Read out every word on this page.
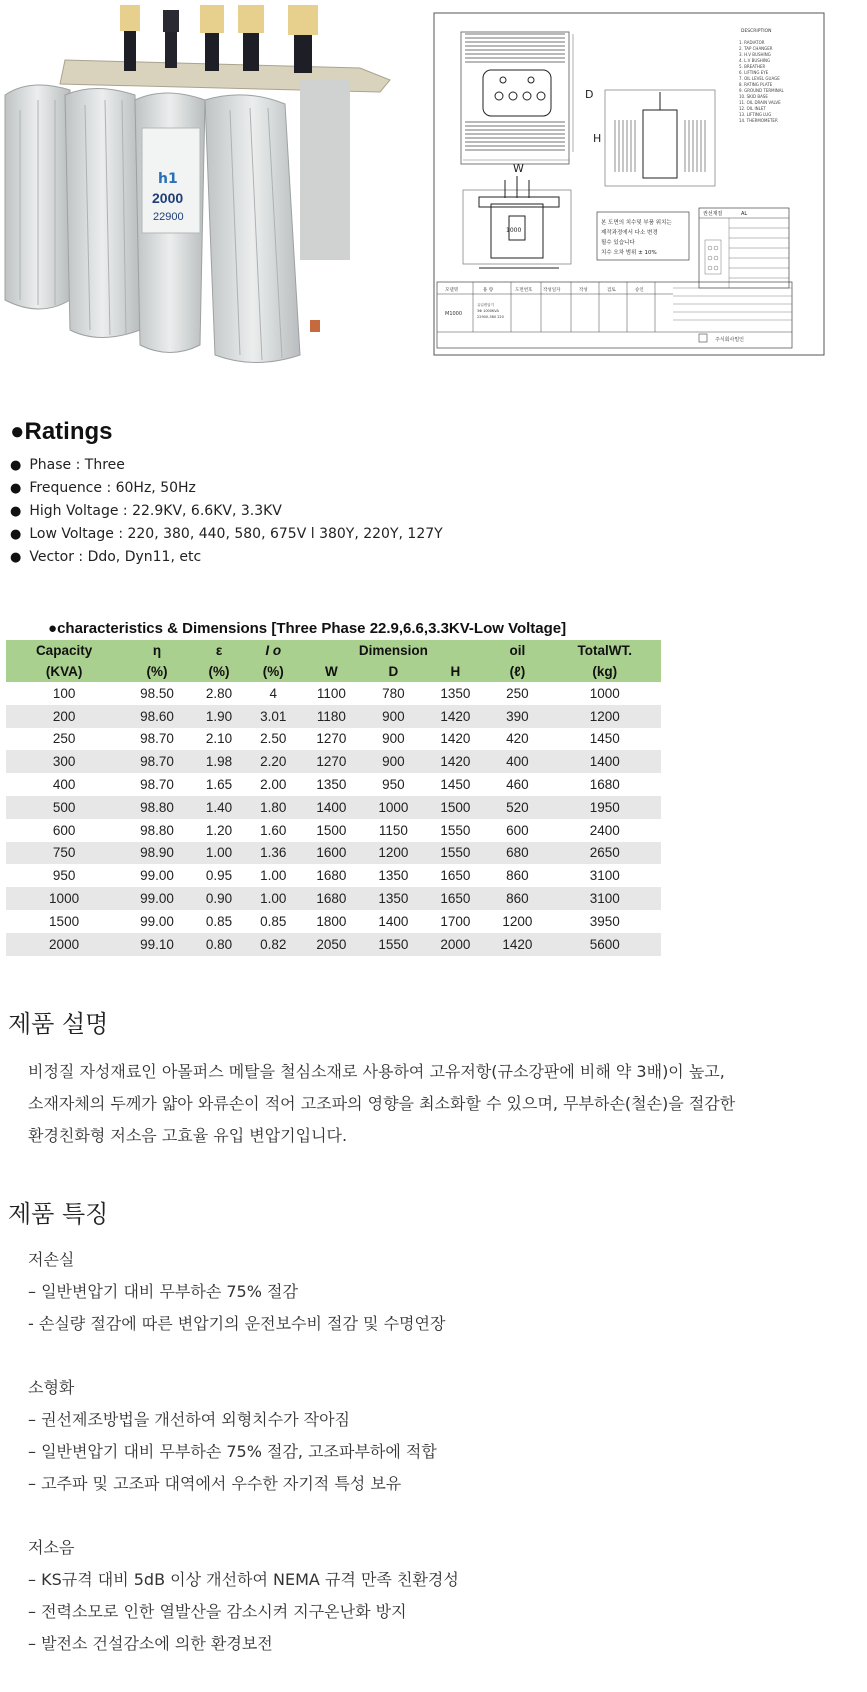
h1
2000
22900
W
D
1000
H
DESCRIPTION
1. RADIATOR
2. TAP CHANGER
3. H.V BUSHING
4. L.V BUSHING
5. BREATHER
6. LIFTING EYE
7. OIL LEVEL GUAGE
8. RATING PLATE
9. GROUND TERMINAL
10. SKID BASE
11. OIL DRAIN VALVE
12. OIL INLET
13. LIFTING LUG
14. THERMOMETER
본 도면의 치수및 부품 위치는
제작과정에서 다소 변경
될수 있습니다
치수 오차 범위 ± 10%
권선재질	AL
모델명	용 량	도면번호 작성일자	작성	검토	승인
M1000
유입변압기
3Φ 1000KVA
22900-380 220
주식회사밀인
●Ratings
● Phase : Three
● Frequence : 60Hz, 50Hz
● High Voltage : 22.9KV, 6.6KV, 3.3KV
● Low Voltage : 220, 380, 440, 580, 675V l 380Y, 220Y, 127Y
● Vector : Ddo, Dyn11, etc
● characteristics & Dimensions [Three Phase 22.9,6.6,3.3KV-Low Voltage]
Capacity	η	ε	I o	Dimension			oil	TotalWT.
(KVA)	(%)	(%)	(%)	W	D	H	(ℓ)	(kg)
100	98.50	2.80	4	1100	780	1350	250	1000
200	98.60	1.90	3.01	1180	900	1420	390	1200
250	98.70	2.10	2.50	1270	900	1420	420	1450
300	98.70	1.98	2.20	1270	900	1420	400	1400
400	98.70	1.65	2.00	1350	950	1450	460	1680
500	98.80	1.40	1.80	1400	1000	1500	520	1950
600	98.80	1.20	1.60	1500	1150	1550	600	2400
750	98.90	1.00	1.36	1600	1200	1550	680	2650
950	99.00	0.95	1.00	1680	1350	1650	860	3100
1000	99.00	0.90	1.00	1680	1350	1650	860	3100
1500	99.00	0.85	0.85	1800	1400	1700	1200	3950
2000	99.10	0.80	0.82	2050	1550	2000	1420	5600
제품 설명
비정질 자성재료인 아몰퍼스 메탈을 철심소재로 사용하여 고유저항(규소강판에 비해 약 3배)이 높고,
소재자체의 두께가 얇아 와류손이 적어 고조파의 영향을 최소화할 수 있으며, 무부하손(철손)을 절감한
환경친화형 저소음 고효율 유입 변압기입니다.
제품 특징
저손실
– 일반변압기 대비 무부하손 75% 절감
- 손실량 절감에 따른 변압기의 운전보수비 절감 및 수명연장
소형화
– 권선제조방법을 개선하여 외형치수가 작아짐
– 일반변압기 대비 무부하손 75% 절감, 고조파부하에 적합
– 고주파 및 고조파 대역에서 우수한 자기적 특성 보유
저소음
– KS규격 대비 5dB 이상 개선하여 NEMA 규격 만족 친환경성
– 전력소모로 인한 열발산을 감소시켜 지구온난화 방지
– 발전소 건설감소에 의한 환경보전
